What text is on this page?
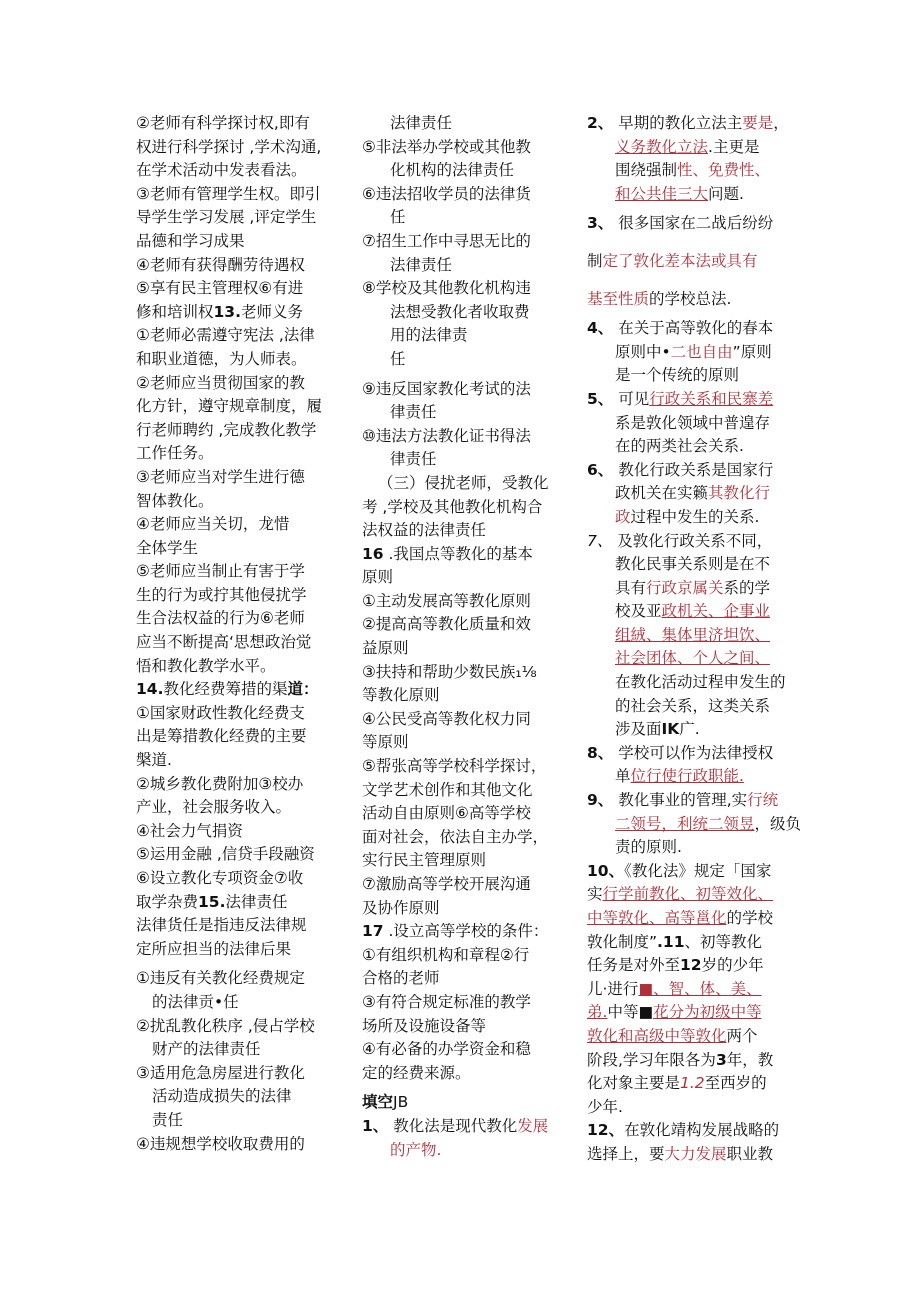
②老师有科学探讨权,即有
权进行科学探讨 ,学术沟通,
在学术活动中发表看法。
③老师有管理学生权。即引
导学生学习发展 ,评定学生
品德和学习成果
④老师有获得酬劳待遇权
⑤享有民主管理权⑥有进
修和培训权13.老师义务
①老师必需遵守宪法 ,法律
和职业道德，为人师表。
②老师应当贯彻国家的教
化方针，遵守规章制度，履
行老师聘约 ,完成教化教学
工作任务。
③老师应当对学生进行德
智体教化。
④老师应当关切，龙惜
全体学生
⑤老师应当制止有害于学
生的行为或拧其他侵扰学
生合法权益的行为⑥老师
应当不断提高‘思想政治觉
悟和教化教学水平。
14.教化经费筹措的渠道：
①国家财政性教化经费支
出是筹措教化经费的主要
槃道.
②城乡教化费附加③校办
产业，社会服务收入。
④社会力气捐资
⑤运用金融 ,信贷手段融资
⑥设立教化专项资金⑦收
取学杂费15.法律责任
法律货任是指违反法律规
定所应担当的法律后果
①违反有关教化经费规定
的法律贡•任
②扰乱教化秩序 ,侵占学校
财产的法律责任
③适用危急房屋进行教化
活动造成损失的法律
责任
④违规想学校收取费用的
法律责任
⑤非法举办学校或其他教
化机构的法律责任
⑥违法招收学员的法律货
任
⑦招生工作中寻思无比的
法律责任
⑧学校及其他教化机构违
法想受教化者收取费
用的法律责
任
⑨违反国家教化考试的法
律责任
⑩违法方法教化证书得法
律责任
（三）侵扰老师，受教化
考 ,学校及其他教化机构合
法权益的法律责任
16 .我国点等教化的基本
原则
①主动发展高等教化原则
②提高高等教化质量和效
益原则
③扶持和帮助少数民族₁⅛
等教化原则
④公民受高等教化权力同
等原则
⑤帮张高等学校科学探讨，
文学艺术创作和其他文化
活动自由原则⑥高等学校
面对社会，依法自主办学，
实行民主管理原则
⑦激励高等学校开展沟通
及协作原则
17 .设立高等学校的条件：
①有组织机构和章程②行
合格的老师
③有符合规定标准的教学
场所及设施设备等
④有必备的办学资金和稳
定的经费来源。
填空JB
1、 教化法是现代教化发展
的产物.
2、 早期的教化立法主要是，
义务教化立法.主更是
围绕强制性、免费性、
和公共佳三大问题.
3、 很多国家在二战后纷纷
制定了敦化差本法或具有
基至性质的学校总法.
4、 在关于高等敦化的春本
原则中•二也自由”原则
是一个传统的原则
5、 可见行政关系和民寨差
系是敦化领域中普遑存
在的两类社会关系.
6、 教化行政关系是国家行
政机关在实籁其教化行
政过程中发生的关系.
7、 及敦化行政关系不同，
教化民事关系则是在不
具有行政京属关系的学
校及亚政机关、企事业
组絨、集体里济坦饮、
社会团体、个人之间、
在教化活动过程申发生的
的社会关系，这类关系
涉及面IK广.
8、 学校可以作为法律授权
单位行使行政职能.
9、 教化事业的管理,实行统
二领号，利统二领昱，级负
责的原则.
10、《教化法》规定「国家
实行学前教化、初等效化、
中等敦化、高等邕化的学校
敦化制度”.11、初等教化
任务是对外至12岁的少年
儿·进行■、智、体、美、
弟.中等■花分为初级中等
敦化和高级中等敦化两个
阶段,学习年限各为3年，教
化对象主要是1.2至西岁的
少年.
12、在敦化靖构发展战略的
选择上，要大力发展职业教
